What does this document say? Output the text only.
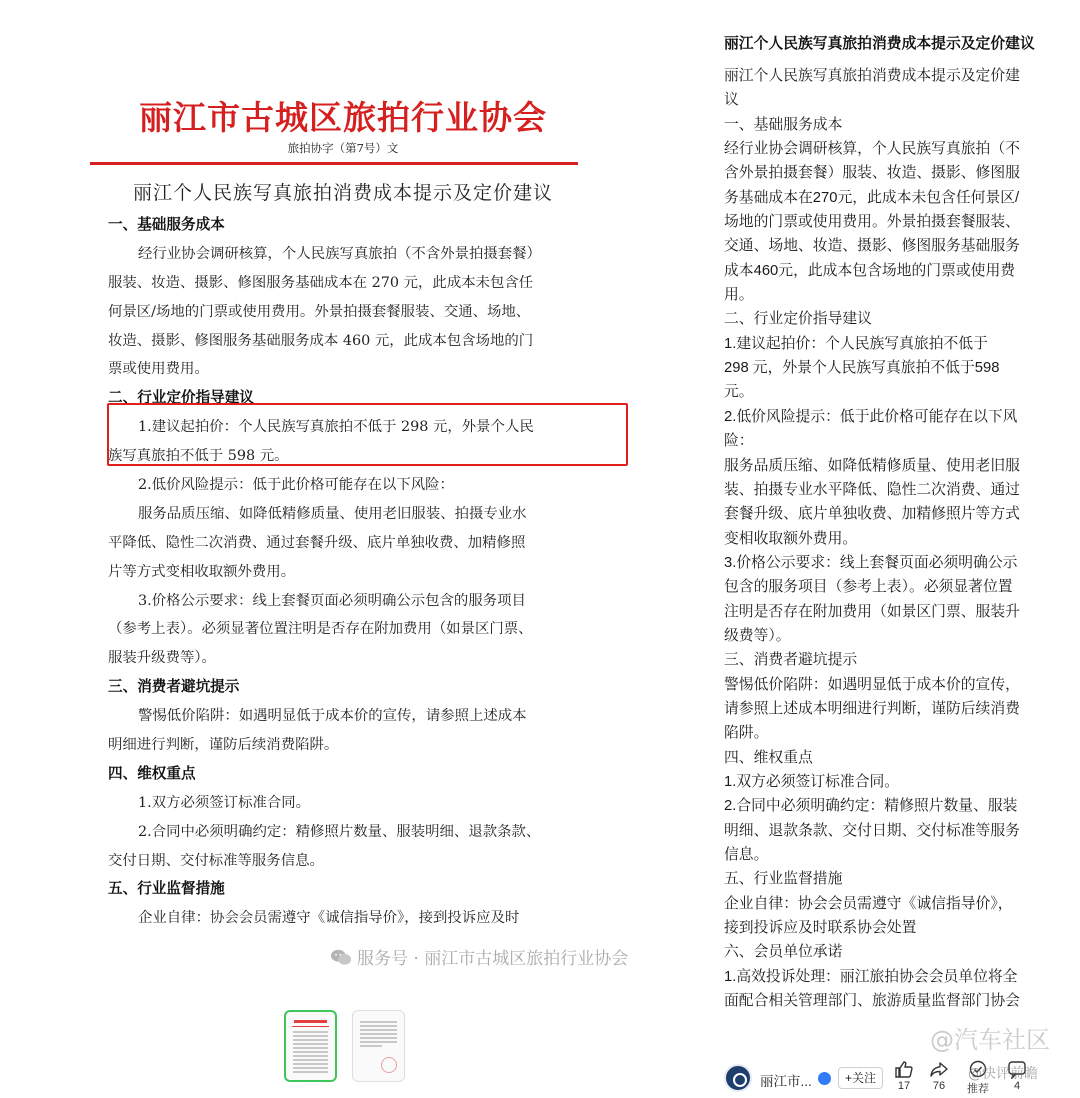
丽江市古城区旅拍行业协会
旅拍协字（第7号）文
丽江个人民族写真旅拍消费成本提示及定价建议
一、基础服务成本
经行业协会调研核算，个人民族写真旅拍（不含外景拍摄套餐）
服装、妆造、摄影、修图服务基础成本在 270 元，此成本未包含任
何景区/场地的门票或使用费用。外景拍摄套餐服装、交通、场地、
妆造、摄影、修图服务基础服务成本 460 元，此成本包含场地的门
票或使用费用。
二、行业定价指导建议
1.建议起拍价：个人民族写真旅拍不低于 298 元，外景个人民
族写真旅拍不低于 598 元。
2.低价风险提示：低于此价格可能存在以下风险：
服务品质压缩、如降低精修质量、使用老旧服装、拍摄专业水
平降低、隐性二次消费、通过套餐升级、底片单独收费、加精修照
片等方式变相收取额外费用。
3.价格公示要求：线上套餐页面必须明确公示包含的服务项目
（参考上表）。必须显著位置注明是否存在附加费用（如景区门票、
服装升级费等）。
三、消费者避坑提示
警惕低价陷阱：如遇明显低于成本价的宣传，请参照上述成本
明细进行判断，谨防后续消费陷阱。
四、维权重点
1.双方必须签订标准合同。
2.合同中必须明确约定：精修照片数量、服装明细、退款条款、
交付日期、交付标准等服务信息。
五、行业监督措施
企业自律：协会会员需遵守《诚信指导价》，接到投诉应及时
服务号 · 丽江市古城区旅拍行业协会
丽江个人民族写真旅拍消费成本提示及定价建议
丽江个人民族写真旅拍消费成本提示及定价建
议
一、基础服务成本
经行业协会调研核算，个人民族写真旅拍（不
含外景拍摄套餐）服装、妆造、摄影、修图服
务基础成本在270元，此成本未包含任何景区/
场地的门票或使用费用。外景拍摄套餐服装、
交通、场地、妆造、摄影、修图服务基础服务
成本460元，此成本包含场地的门票或使用费
用。
二、行业定价指导建议
1.建议起拍价：个人民族写真旅拍不低于
298 元，外景个人民族写真旅拍不低于598
元。
2.低价风险提示：低于此价格可能存在以下风
险：
服务品质压缩、如降低精修质量、使用老旧服
装、拍摄专业水平降低、隐性二次消费、通过
套餐升级、底片单独收费、加精修照片等方式
变相收取额外费用。
3.价格公示要求：线上套餐页面必须明确公示
包含的服务项目（参考上表）。必须显著位置
注明是否存在附加费用（如景区门票、服装升
级费等）。
三、消费者避坑提示
警惕低价陷阱：如遇明显低于成本价的宣传，
请参照上述成本明细进行判断，谨防后续消费
陷阱。
四、维权重点
1.双方必须签订标准合同。
2.合同中必须明确约定：精修照片数量、服装
明细、退款条款、交付日期、交付标准等服务
信息。
五、行业监督措施
企业自律：协会会员需遵守《诚信指导价》，
接到投诉应及时联系协会处置
六、会员单位承诺
1.高效投诉处理：丽江旅拍协会会员单位将全
面配合相关管理部门、旅游质量监督部门协会
丽江市...	+关注
17	76	推荐	4
@汽车社区
@快评前瞻
